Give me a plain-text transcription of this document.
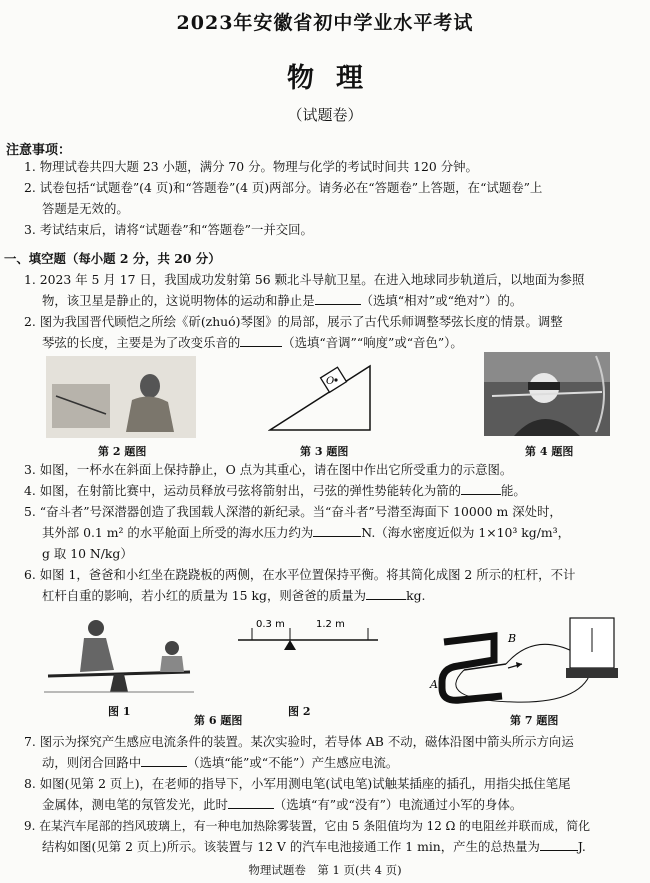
2023年安徽省初中学业水平考试
物理
（试题卷）
注意事项：
1. 物理试卷共四大题 23 小题，满分 70 分。物理与化学的考试时间共 120 分钟。
2. 试卷包括“试题卷”(4 页)和“答题卷”(4 页)两部分。请务必在“答题卷”上答题，在“试题卷”上
答题是无效的。
3. 考试结束后，请将“试题卷”和“答题卷”一并交回。
一、填空题（每小题 2 分，共 20 分）
1. 2023 年 5 月 17 日，我国成功发射第 56 颗北斗导航卫星。在进入地球同步轨道后，以地面为参照
物，该卫星是静止的，这说明物体的运动和静止是	（选填“相对”或“绝对”）的。
2. 图为我国晋代顾恺之所绘《斫(zhuó)琴图》的局部，展示了古代乐师调整琴弦长度的情景。调整
琴弦的长度，主要是为了改变乐音的	（选填“音调”“响度”或“音色”）。
第 2 题图
O
第 3 题图	第 4 题图
3. 如图，一杯水在斜面上保持静止，O 点为其重心，请在图中作出它所受重力的示意图。
4. 如图，在射箭比赛中，运动员释放弓弦将箭射出，弓弦的弹性势能转化为箭的	能。
5. “奋斗者”号深潜器创造了我国载人深潜的新纪录。当“奋斗者”号潜至海面下 10000 m 深处时，
其外部 0.1 m² 的水平舱面上所受的海水压力约为	N.（海水密度近似为 1×10³ kg/m³，
g 取 10 N/kg）
6. 如图 1，爸爸和小红坐在跷跷板的两侧，在水平位置保持平衡。将其简化成图 2 所示的杠杆，不计
杠杆自重的影响，若小红的质量为 15 kg，则爸爸的质量为	kg.
图 1
0.3 m	1.2 m
图 2
第 6 题图
B
A
第 7 题图
7. 图示为探究产生感应电流条件的装置。某次实验时，若导体 AB 不动，磁体沿图中箭头所示方向运
动，则闭合回路中	（选填“能”或“不能”）产生感应电流。
8. 如图(见第 2 页上)，在老师的指导下，小军用测电笔(试电笔)试触某插座的插孔，用指尖抵住笔尾
金属体，测电笔的氖管发光，此时	（选填“有”或“没有”）电流通过小军的身体。
9. 在某汽车尾部的挡风玻璃上，有一种电加热除雾装置，它由 5 条阻值均为 12 Ω 的电阻丝并联而成，简化
结构如图(见第 2 页上)所示。该装置与 12 V 的汽车电池接通工作 1 min，产生的总热量为	J.
物理试题卷　第 1 页(共 4 页)
